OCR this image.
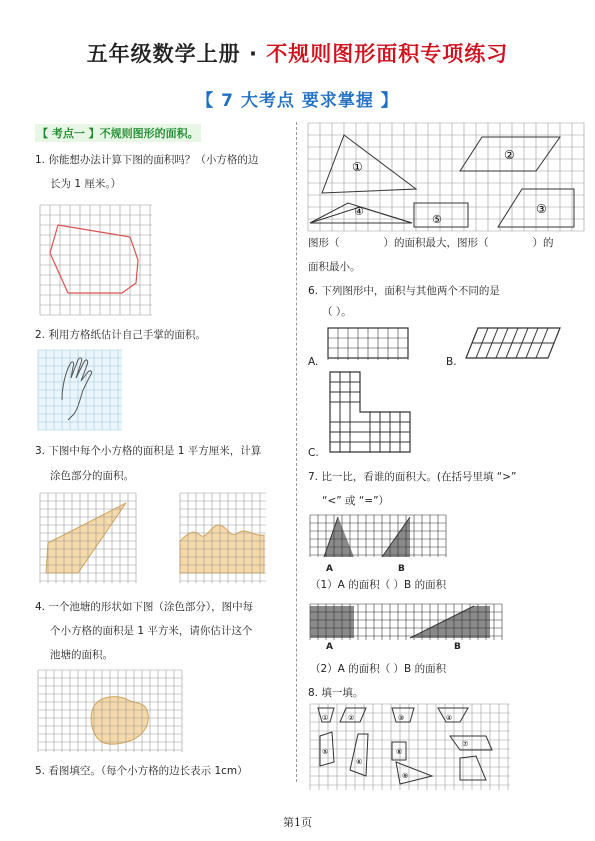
五年级数学上册 · 不规则图形面积专项练习
【 7 大考点 要求掌握 】
【 考点一 】不规则图形的面积。
1. 你能想办法计算下图的面积吗？（小方格的边
长为 1 厘米。）
2. 利用方格纸估计自己手掌的面积。
3. 下图中每个小方格的面积是 1 平方厘米，计算
涂色部分的面积。
4. 一个池塘的形状如下图（涂色部分），图中每
个小方格的面积是 1 平方米，请你估计这个
池塘的面积。
5. 看图填空。（每个小方格的边长表示 1cm）
①
②
③
④
⑤
图形（	）的面积最大，图形（	）的
面积最小。
6. 下列图形中，面积与其他两个不同的是
（ ）。
A.	B.
C.
7. 比一比，看谁的面积大。(在括号里填 “>”
“<” 或 “=”）
A	B
（1）A 的面积（ ）B 的面积
A	B
（2）A 的面积（ ）B 的面积
8. 填一填。
①	②	③	④
⑤
⑥
⑦
⑧
⑨
第1页
